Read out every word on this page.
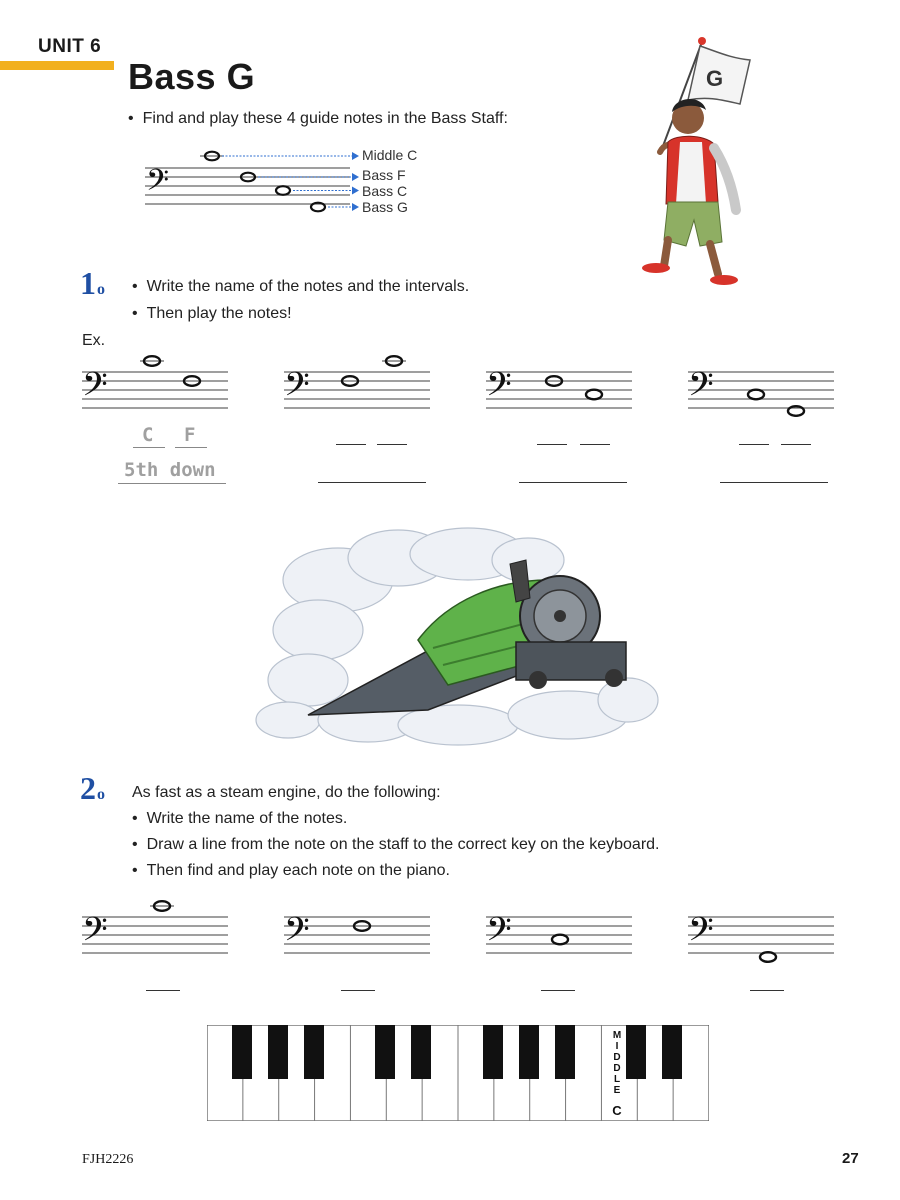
UNIT 6
Bass G
• Find and play these 4 guide notes in the Bass Staff:
𝄢
Middle C
Bass F
Bass C
Bass G
G
1o
•	Write the name of the notes and the intervals.
• Then play the notes!
Ex.
𝄢	𝄢	𝄢	𝄢
C F
5th down
2o As fast as a steam engine, do the following:
• Write the name of the notes.
• Draw a line from the note on the staff to the correct key on the keyboard.
• Then find and play each note on the piano.
𝄢	𝄢	𝄢	𝄢
M
I
D
D
L
E
C
FJH2226	27
